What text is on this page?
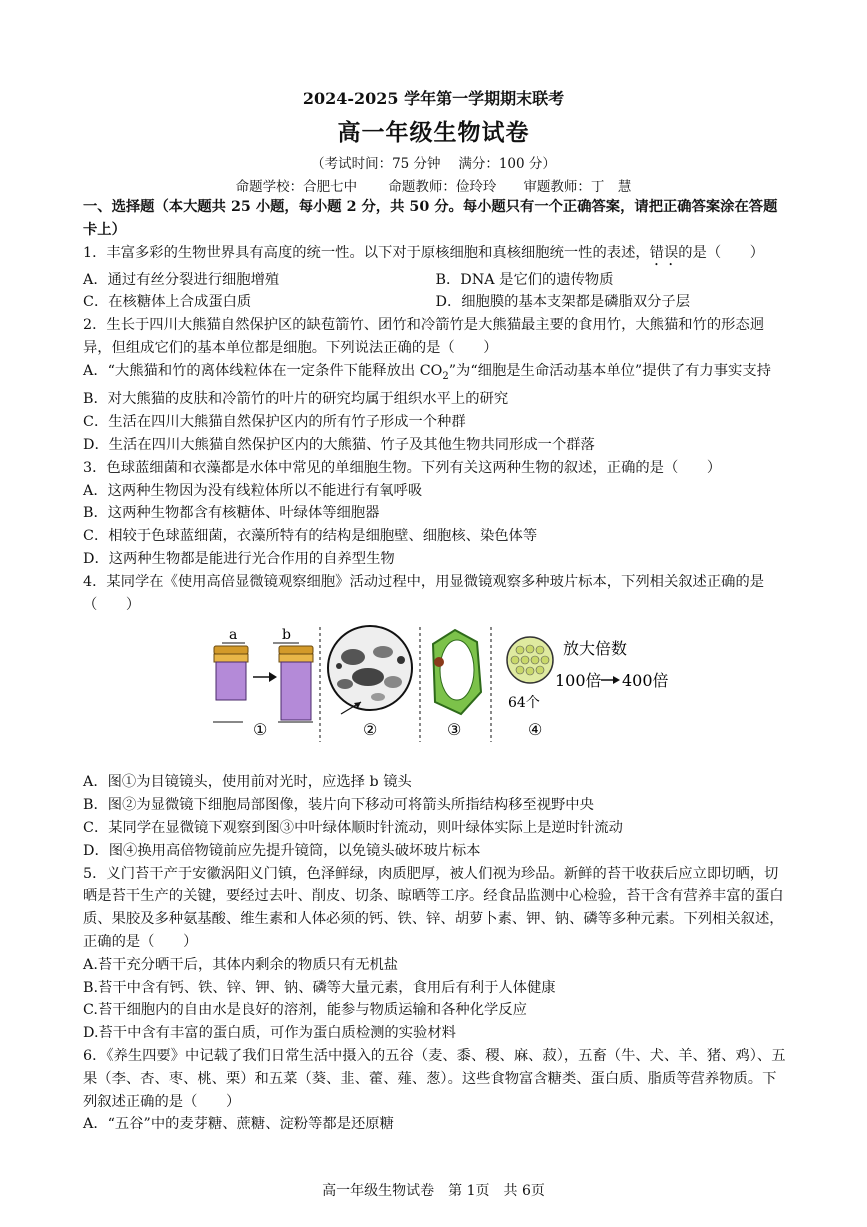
2024-2025 学年第一学期期末联考
高一年级生物试卷
（考试时间：75 分钟　 满分：100 分）
命题学校：合肥七中　　 命题教师：俭玲玲　　审题教师：丁　慧

一、选择题（本大题共 25 小题，每小题 2 分，共 50 分。每小题只有一个正确答案，请把正确答案涂在答题卡上）

1．丰富多彩的生物世界具有高度的统一性。以下对于原核细胞和真核细胞统一性的表述，错误的是（　　）

A．通过有丝分裂进行细胞增殖	B．DNA 是它们的遗传物质
C．在核糖体上合成蛋白质	D．细胞膜的基本支架都是磷脂双分子层

2．生长于四川大熊猫自然保护区的缺苞箭竹、团竹和冷箭竹是大熊猫最主要的食用竹，大熊猫和竹的形态迥异，但组成它们的基本单位都是细胞。下列说法正确的是（　　）

A．“大熊猫和竹的离体线粒体在一定条件下能释放出 $CO_2$”为“细胞是生命活动基本单位”提供了有力事实支持

B．对大熊猫的皮肤和冷箭竹的叶片的研究均属于组织水平上的研究

C．生活在四川大熊猫自然保护区内的所有竹子形成一个种群

D．生活在四川大熊猫自然保护区内的大熊猫、竹子及其他生物共同形成一个群落

3．色球蓝细菌和衣藻都是水体中常见的单细胞生物。下列有关这两种生物的叙述，正确的是（　　）

A．这两种生物因为没有线粒体所以不能进行有氧呼吸

B．这两种生物都含有核糖体、叶绿体等细胞器

C．相较于色球蓝细菌，衣藻所特有的结构是细胞壁、细胞核、染色体等

D．这两种生物都是能进行光合作用的自养型生物

4．某同学在《使用高倍显微镜观察细胞》活动过程中，用显微镜观察多种玻片标本，下列相关叙述正确的是（　　）

a	b
①	②	③
64个
放大倍数
100倍 400倍
④

A．图①为目镜镜头，使用前对光时，应选择 b 镜头

B．图②为显微镜下细胞局部图像，装片向下移动可将箭头所指结构移至视野中央

C．某同学在显微镜下观察到图③中叶绿体顺时针流动，则叶绿体实际上是逆时针流动

D．图④换用高倍物镜前应先提升镜筒，以免镜头破坏玻片标本

5．义门苔干产于安徽涡阳义门镇，色泽鲜绿，肉质肥厚，被人们视为珍品。新鲜的苔干收获后应立即切晒，切晒是苔干生产的关键，要经过去叶、削皮、切条、晾晒等工序。经食品监测中心检验，苔干含有营养丰富的蛋白质、果胶及多种氨基酸、维生素和人体必须的钙、铁、锌、胡萝卜素、钾、钠、磷等多种元素。下列相关叙述，正确的是（　　）

A.苔干充分晒干后，其体内剩余的物质只有无机盐

B.苔干中含有钙、铁、锌、钾、钠、磷等大量元素，食用后有利于人体健康

C.苔干细胞内的自由水是良好的溶剂，能参与物质运输和各种化学反应

D.苔干中含有丰富的蛋白质，可作为蛋白质检测的实验材料

6．《养生四要》中记载了我们日常生活中摄入的五谷（麦、黍、稷、麻、菽），五畜（牛、犬、羊、猪、鸡）、五果（李、杏、枣、桃、栗）和五菜（葵、韭、藿、薤、葱）。这些食物富含糖类、蛋白质、脂质等营养物质。下列叙述正确的是（　　）

A．“五谷”中的麦芽糖、蔗糖、淀粉等都是还原糖

高一年级生物试卷　第 1页　共 6页
